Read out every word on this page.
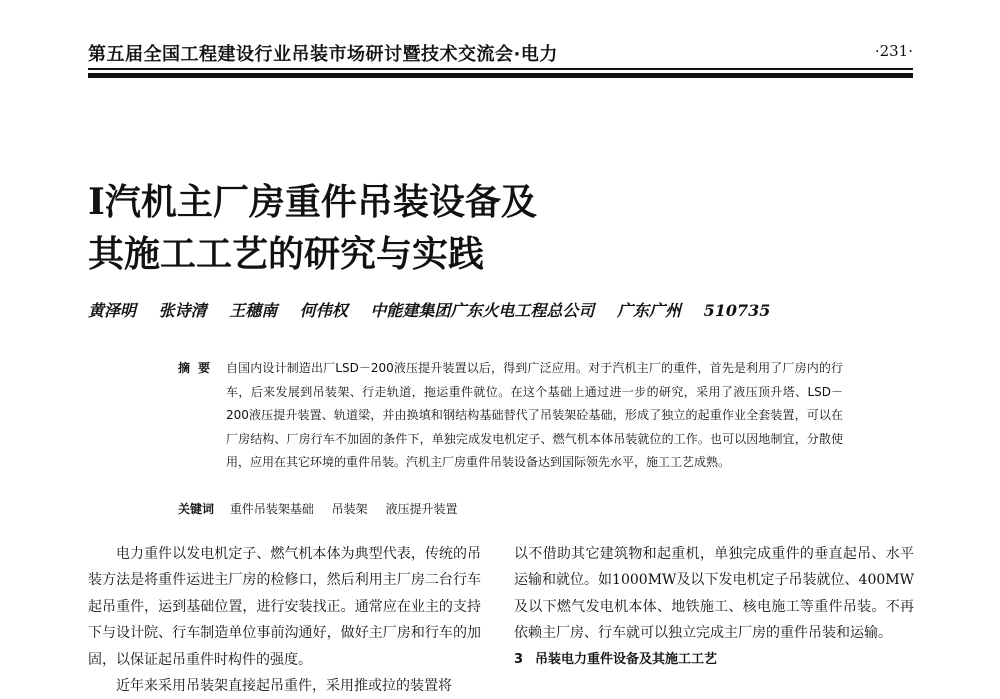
第五届全国工程建设行业吊装市场研讨暨技术交流会·电力	·231·
I汽机主厂房重件吊装设备及
其施工工艺的研究与实践
黄泽明 张诗清 王穗南 何伟权 中能建集团广东火电工程总公司 广东广州 510735
摘要 自国内设计制造出厂LSD－200液压提升装置以后，得到广泛应用。对于汽机主厂的重件，首先是利用了厂房内的行车，后来发展到吊装架、行走轨道，拖运重件就位。在这个基础上通过进一步的研究，采用了液压顶升塔、LSD－200液压提升装置、轨道梁，并由换填和钢结构基础替代了吊装架砼基础，形成了独立的起重作业全套装置，可以在厂房结构、厂房行车不加固的条件下，单独完成发电机定子、燃气机本体吊装就位的工作。也可以因地制宜，分散使用，应用在其它环境的重件吊装。汽机主厂房重件吊装设备达到国际领先水平，施工工艺成熟。
关键词 重件吊装架基础 吊装架 液压提升装置

电力重件以发电机定子、燃气机本体为典型代表，传统的吊装方法是将重件运进主厂房的检修口，然后利用主厂房二台行车起吊重件，运到基础位置，进行安装找正。通常应在业主的支持下与设计院、行车制造单位事前沟通好，做好主厂房和行车的加固，以保证起吊重件时构件的强度。

近年来采用吊装架直接起吊重件，采用推或拉的装置将

以不借助其它建筑物和起重机，单独完成重件的垂直起吊、水平运输和就位。如1000MW及以下发电机定子吊装就位、400MW及以下燃气发电机本体、地铁施工、核电施工等重件吊装。不再依赖主厂房、行车就可以独立完成主厂房的重件吊装和运输。

3 吊装电力重件设备及其施工工艺
